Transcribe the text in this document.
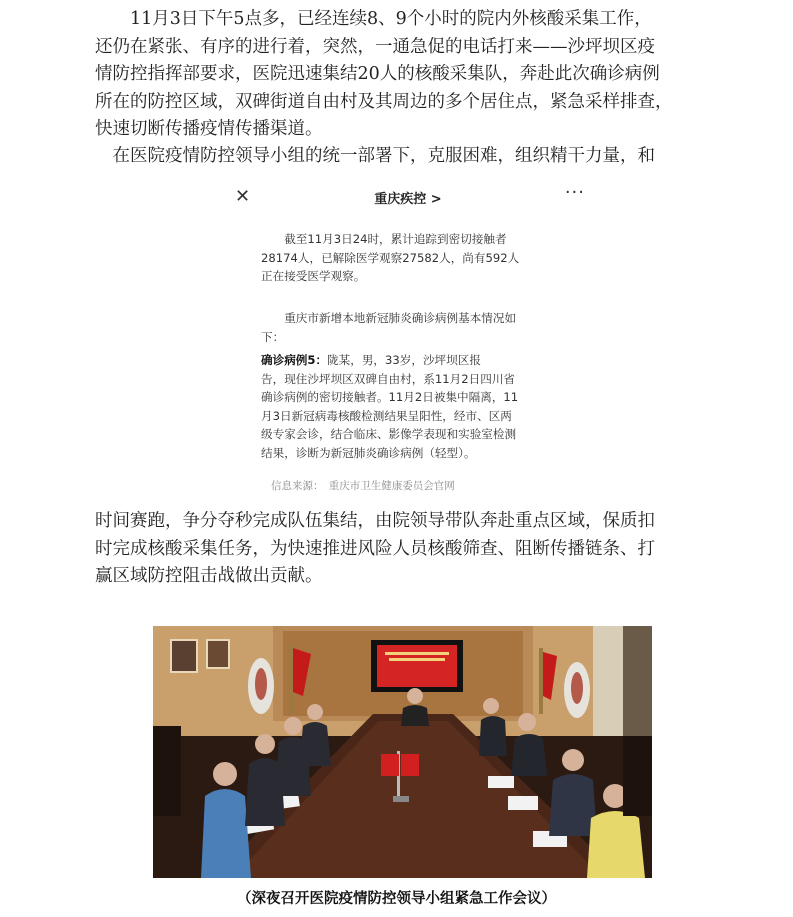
　　11月3日下午5点多，已经连续8、9个小时的院内外核酸采集工作，
还仍在紧张、有序的进行着，突然，一通急促的电话打来——沙坪坝区疫
情防控指挥部要求，医院迅速集结20人的核酸采集队，奔赴此次确诊病例
所在的防控区域，双碑街道自由村及其周边的多个居住点，紧急采样排查，
快速切断传播疫情传播渠道。

　在医院疫情防控领导小组的统一部署下，克服困难，组织精干力量，和

✕	重庆疾控 >	···

　　截至11月3日24时，累计追踪到密切接触者
28174人，已解除医学观察27582人，尚有592人
正在接受医学观察。

　　重庆市新增本地新冠肺炎确诊病例基本情况如
下：

确诊病例5：陇某，男，33岁，沙坪坝区报
告，现住沙坪坝区双碑自由村，系11月2日四川省
确诊病例的密切接触者。11月2日被集中隔离，11
月3日新冠病毒核酸检测结果呈阳性，经市、区两
级专家会诊，结合临床、影像学表现和实验室检测
结果，诊断为新冠肺炎确诊病例（轻型）。

信息来源：　重庆市卫生健康委员会官网

时间赛跑，争分夺秒完成队伍集结，由院领导带队奔赴重点区域，保质扣
时完成核酸采集任务，为快速推进风险人员核酸筛查、阻断传播链条、打
赢区域防控阻击战做出贡献。

（深夜召开医院疫情防控领导小组紧急工作会议）
